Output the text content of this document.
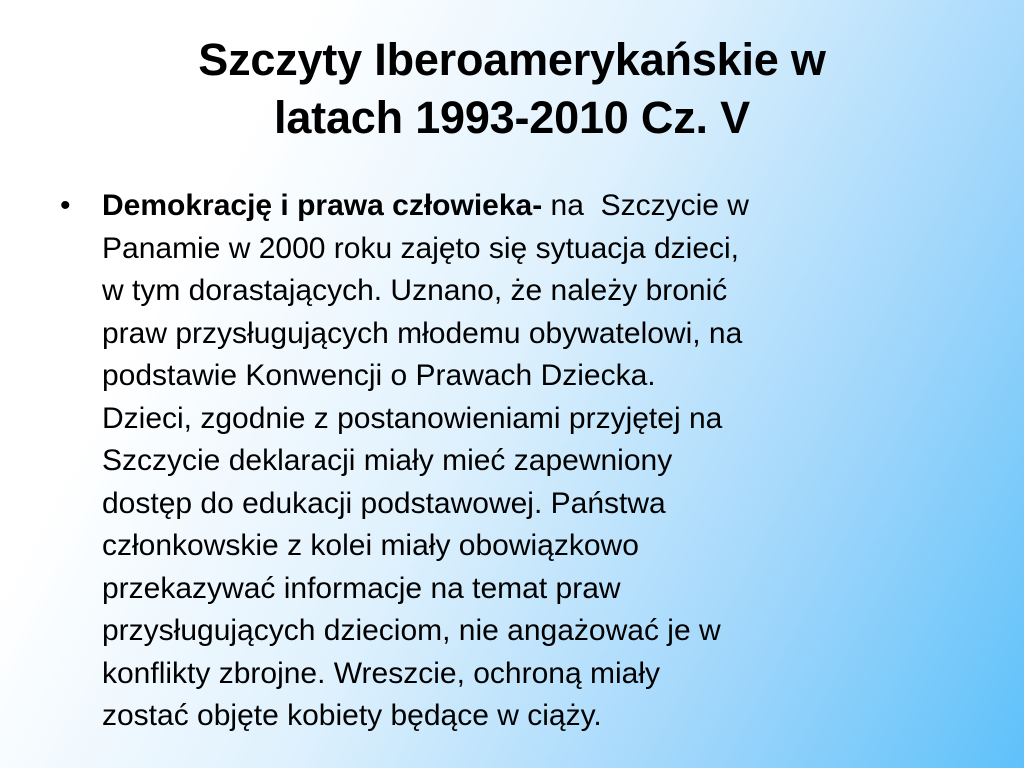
Szczyty Iberoamerykańskie w
latach 1993-2010 Cz. V
• Demokrację i prawa człowieka- na  Szczycie w
Panamie w 2000 roku zajęto się sytuacja dzieci,
w tym dorastających. Uznano, że należy bronić
praw przysługujących młodemu obywatelowi, na
podstawie Konwencji o Prawach Dziecka.
Dzieci, zgodnie z postanowieniami przyjętej na
Szczycie deklaracji miały mieć zapewniony
dostęp do edukacji podstawowej. Państwa
członkowskie z kolei miały obowiązkowo
przekazywać informacje na temat praw
przysługujących dzieciom, nie angażować je w
konflikty zbrojne. Wreszcie, ochroną miały
zostać objęte kobiety będące w ciąży.
